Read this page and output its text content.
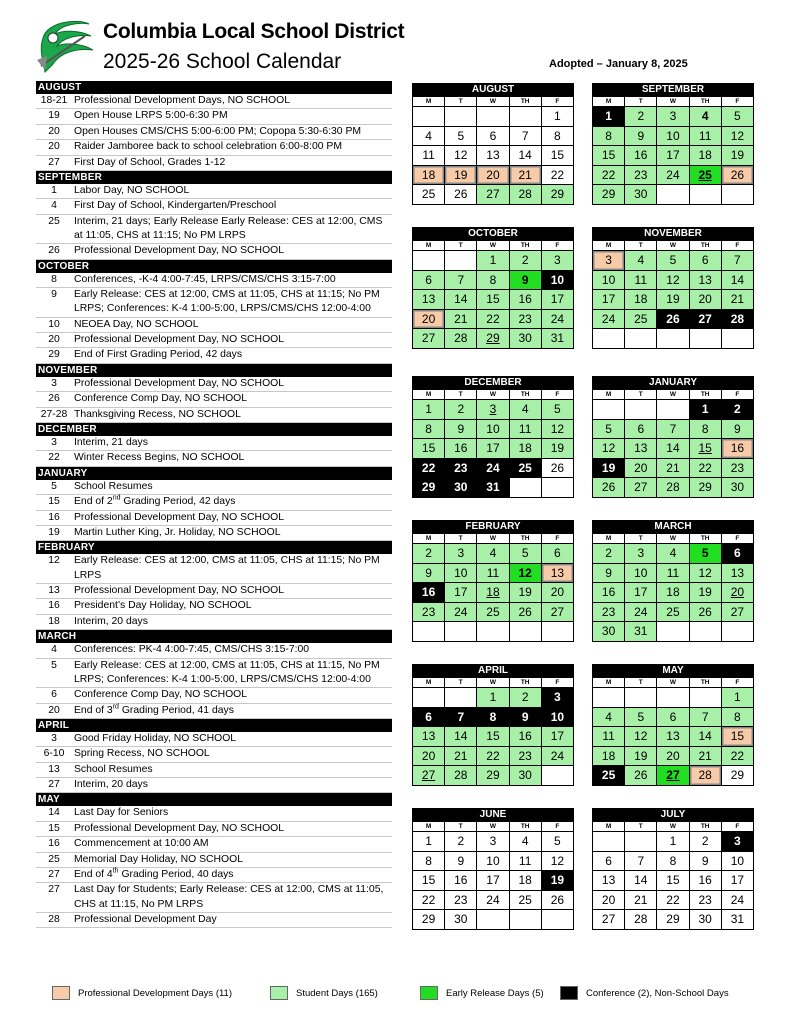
Columbia Local School District
2025-26 School Calendar	Adopted – January 8, 2025
AUGUST
18-21 Professional Development Days, NO SCHOOL
19	Open House LRPS 5:00-6:30 PM
20	Open Houses CMS/CHS 5:00-6:00 PM; Copopa 5:30-6:30 PM
20	Raider Jamboree back to school celebration 6:00-8:00 PM
27	First Day of School, Grades 1-12
SEPTEMBER
1	Labor Day, NO SCHOOL
4	First Day of School, Kindergarten/Preschool
25	Interim, 21 days; Early Release Early Release: CES at 12:00, CMS at 11:05, CHS at 11:15; No PM LRPS
26	Professional Development Day, NO SCHOOL
OCTOBER
8	Conferences, -K-4 4:00-7:45, LRPS/CMS/CHS 3:15-7:00
9	Early Release: CES at 12:00, CMS at 11:05, CHS at 11:15; No PM LRPS; Conferences: K-4 1:00-5:00, LRPS/CMS/CHS 12:00-4:00
10	NEOEA Day, NO SCHOOL
20	Professional Development Day, NO SCHOOL
29	End of First Grading Period, 42 days
NOVEMBER
3	Professional Development Day, NO SCHOOL
26	Conference Comp Day, NO SCHOOL
27-28 Thanksgiving Recess, NO SCHOOL
DECEMBER
3	Interim, 21 days
22	Winter Recess Begins, NO SCHOOL
JANUARY
5	School Resumes
15	End of 2nd Grading Period, 42 days
16	Professional Development Day, NO SCHOOL
19	Martin Luther King, Jr. Holiday, NO SCHOOL
FEBRUARY
12	Early Release: CES at 12:00, CMS at 11:05, CHS at 11:15; No PM LRPS
13	Professional Development Day, NO SCHOOL
16	President’s Day Holiday, NO SCHOOL
18	Interim, 20 days
MARCH
4	Conferences: PK-4 4:00-7:45, CMS/CHS 3:15-7:00
5	Early Release: CES at 12:00, CMS at 11:05, CHS at 11:15, No PM LRPS; Conferences: K-4 1:00-5:00, LRPS/CMS/CHS 12:00-4:00
6	Conference Comp Day, NO SCHOOL
20	End of 3rd Grading Period, 41 days
APRIL
3	Good Friday Holiday, NO SCHOOL
6-10 Spring Recess, NO SCHOOL
13	School Resumes
27	Interim, 20 days
MAY
14	Last Day for Seniors
15	Professional Development Day, NO SCHOOL
16	Commencement at 10:00 AM
25	Memorial Day Holiday, NO SCHOOL
27	End of 4th Grading Period, 40 days
27	Last Day for Students; Early Release: CES at 12:00, CMS at 11:05, CHS at 11:15, No PM LRPS
28	Professional Development Day
AUGUST
M	T	W	TH	F
				1
4	5	6	7	8
11	12	13	14	15
18	19	20	21	22
25	26	27	28	29
SEPTEMBER
M	T	W	TH	F
1	2	3	4	5
8	9	10	11	12
15	16	17	18	19
22	23	24	25	26
29	30			
OCTOBER
M	T	W	TH	F
		1	2	3
6	7	8	9	10
13	14	15	16	17
20	21	22	23	24
27	28	29	30	31
NOVEMBER
M	T	W	TH	F
3	4	5	6	7
10	11	12	13	14
17	18	19	20	21
24	25	26	27	28

DECEMBER
M	T	W	TH	F
1	2	3	4	5
8	9	10	11	12
15	16	17	18	19
22	23	24	25	26
29	30	31		
JANUARY
M	T	W	TH	F
			1	2
5	6	7	8	9
12	13	14	15	16
19	20	21	22	23
26	27	28	29	30
FEBRUARY
M	T	W	TH	F
2	3	4	5	6
9	10	11	12	13
16	17	18	19	20
23	24	25	26	27

MARCH
M	T	W	TH	F
2	3	4	5	6
9	10	11	12	13
16	17	18	19	20
23	24	25	26	27
30	31			
APRIL
M	T	W	TH	F
		1	2	3
6	7	8	9	10
13	14	15	16	17
20	21	22	23	24
27	28	29	30	
MAY
M	T	W	TH	F
				1
4	5	6	7	8
11	12	13	14	15
18	19	20	21	22
25	26	27	28	29
JUNE
M	T	W	TH	F
1	2	3	4	5
8	9	10	11	12
15	16	17	18	19
22	23	24	25	26
29	30			
JULY
M	T	W	TH	F
		1	2	3
6	7	8	9	10
13	14	15	16	17
20	21	22	23	24
27	28	29	30	31
Professional Development Days (11)	Student Days (165)	Early Release Days (5)	Conference (2), Non-School Days
